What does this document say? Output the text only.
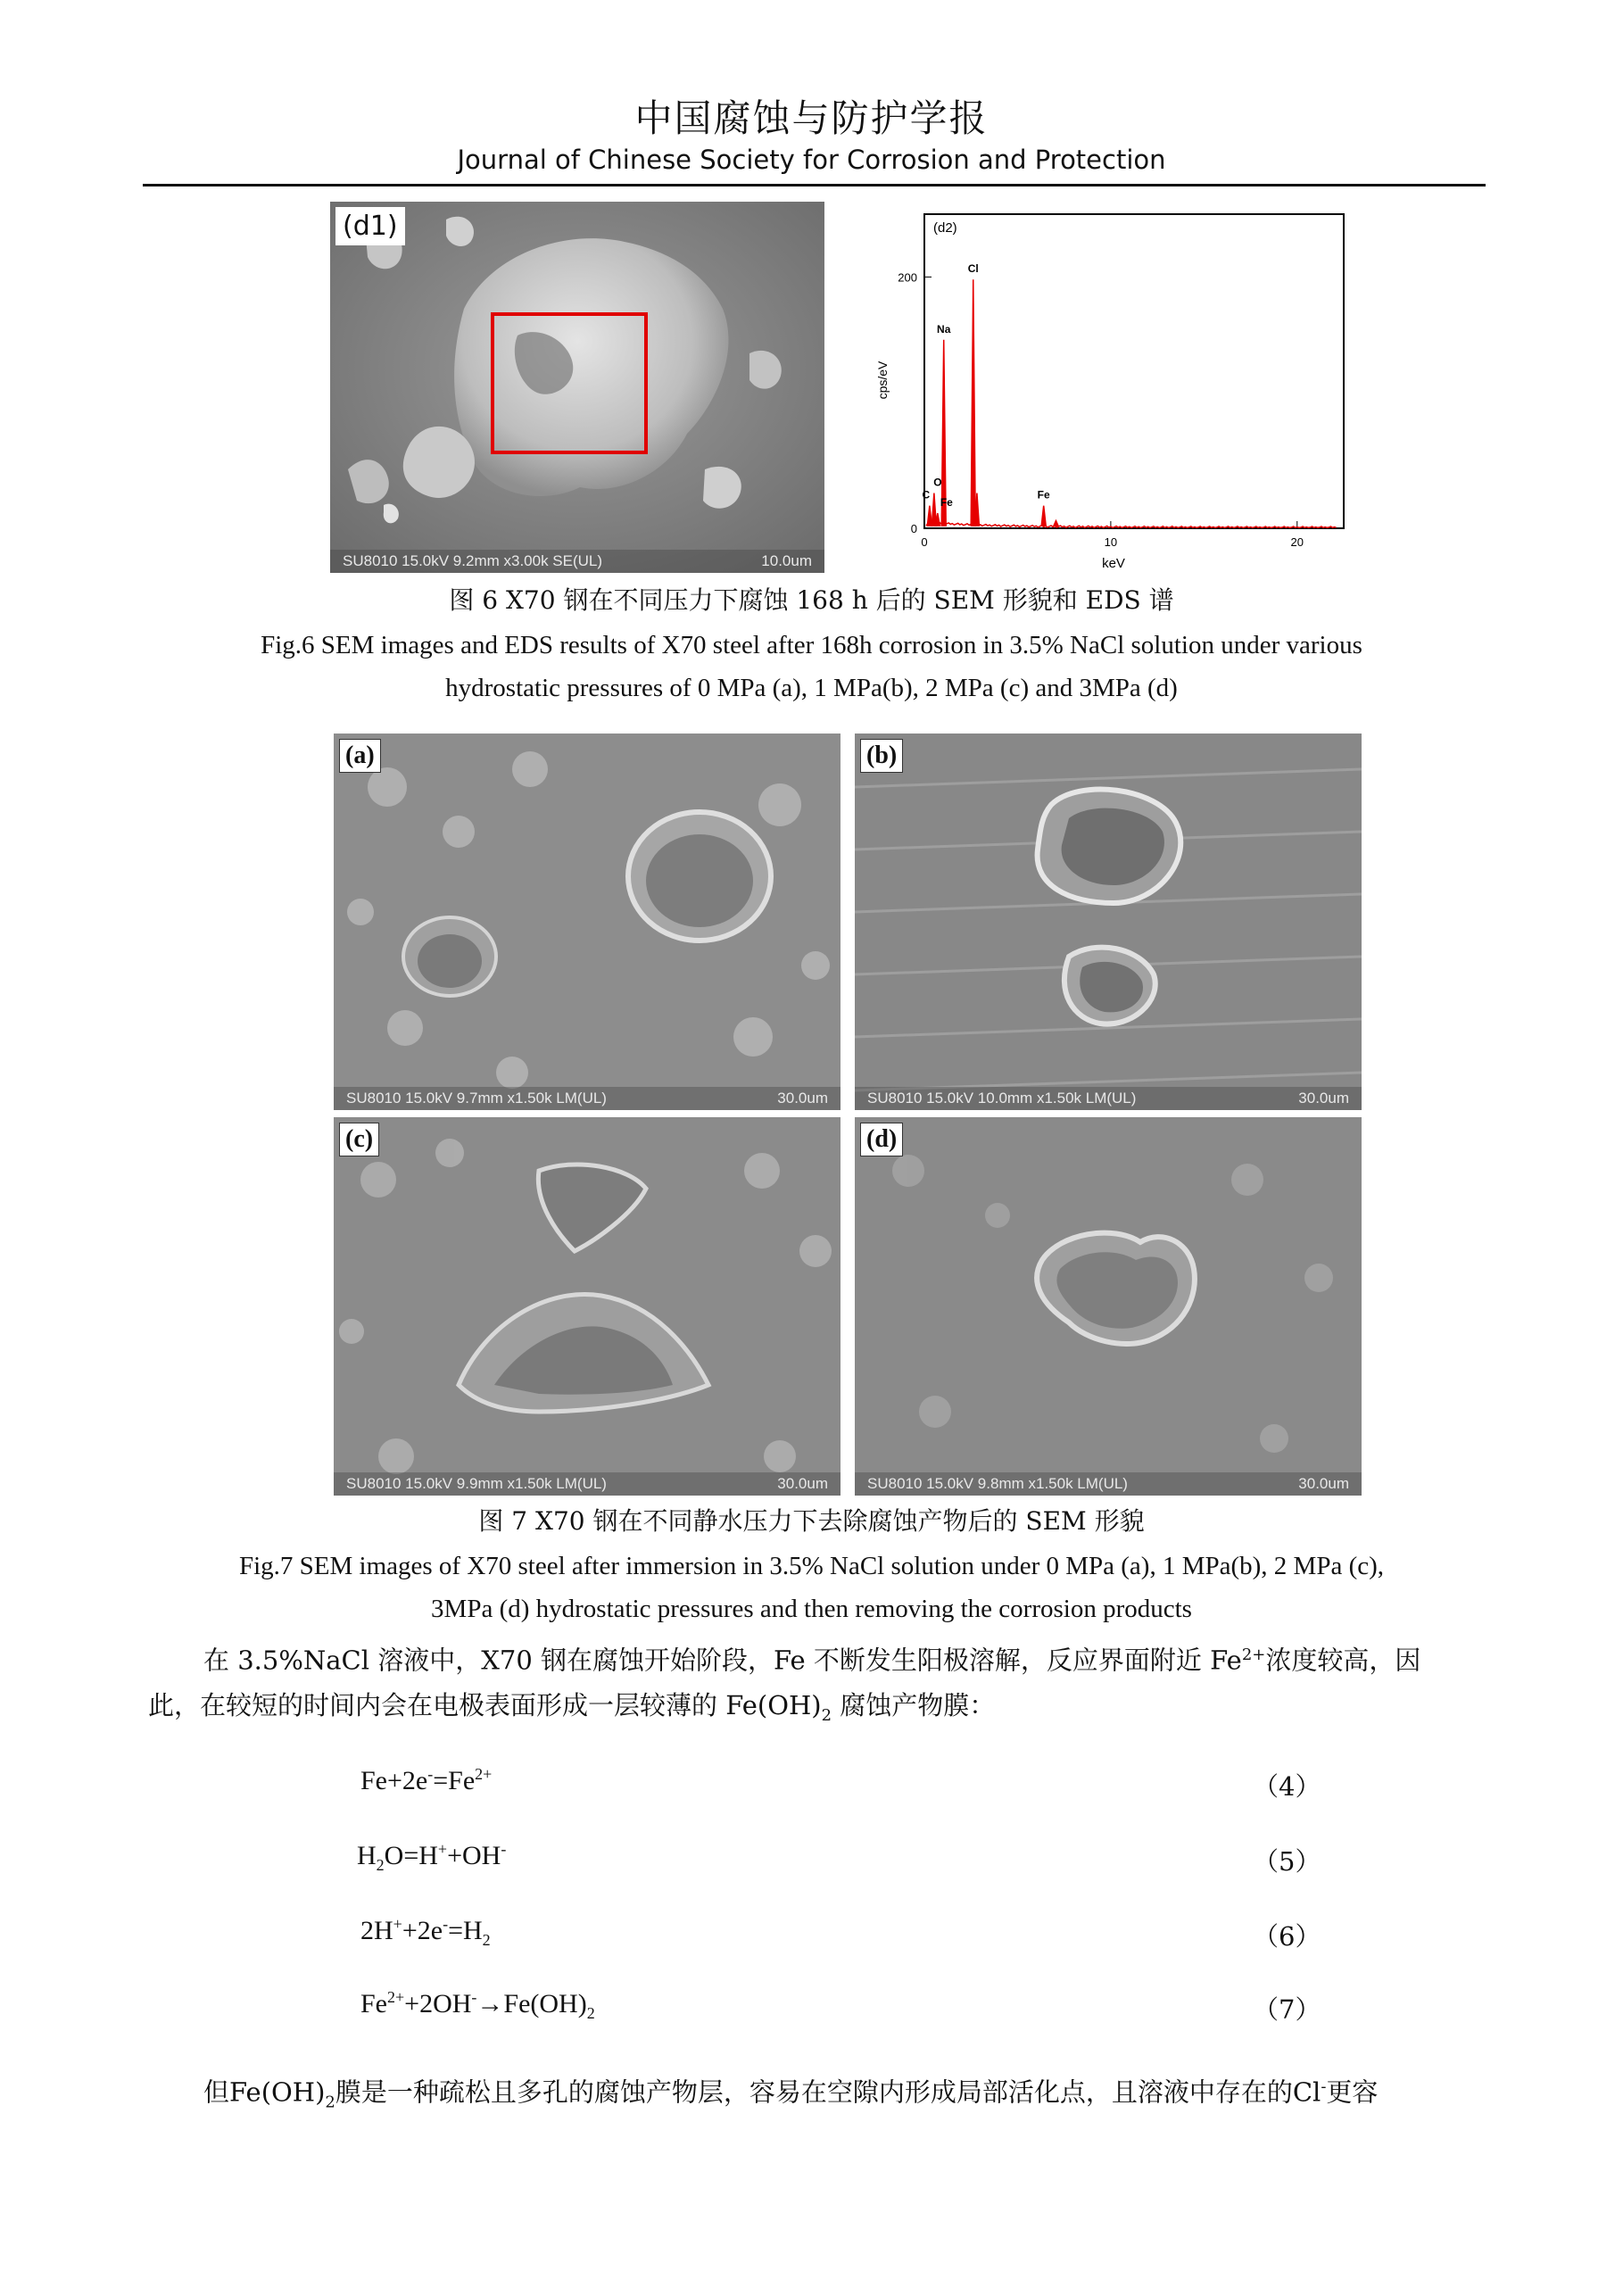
中国腐蚀与防护学报
Journal of Chinese Society for Corrosion and Protection
(d1)
SU8010 15.0kV 9.2mm x3.00k SE(UL)	10.0um
(d2)
keV
cps/eV
0	10	20
0
200
C
O
Fe
Na
Cl
Fe
图 6 X70 钢在不同压力下腐蚀 168 h 后的 SEM 形貌和 EDS 谱
Fig.6 SEM images and EDS results of X70 steel after 168h corrosion in 3.5% NaCl solution under various
hydrostatic pressures of 0 MPa (a), 1 MPa(b), 2 MPa (c) and 3MPa (d)
(a)
SU8010 15.0kV 9.7mm x1.50k LM(UL)	30.0um
(b)
SU8010 15.0kV 10.0mm x1.50k LM(UL)	30.0um
(c)
SU8010 15.0kV 9.9mm x1.50k LM(UL)	30.0um
(d)
SU8010 15.0kV 9.8mm x1.50k LM(UL)	30.0um
图 7 X70 钢在不同静水压力下去除腐蚀产物后的 SEM 形貌
Fig.7 SEM images of X70 steel after immersion in 3.5% NaCl solution under 0 MPa (a), 1 MPa(b), 2 MPa (c),
3MPa (d) hydrostatic pressures and then removing the corrosion products
在 3.5%NaCl 溶液中，X70 钢在腐蚀开始阶段，Fe 不断发生阳极溶解，反应界面附近 $Fe^{2+}$浓度较高，因
此，在较短的时间内会在电极表面形成一层较薄的 $Fe(OH)_2$ 腐蚀产物膜：
$Fe+2e^-=Fe^{2+}$	（4）
$H_2O=H^++OH^-$	（5）
$2H^++2e^-=H_2$	（6）
$Fe^{2+}+2OH^-\to Fe(OH)_2$	（7）
但$Fe(OH)_2$膜是一种疏松且多孔的腐蚀产物层，容易在空隙内形成局部活化点，且溶液中存在的Cl-更容
